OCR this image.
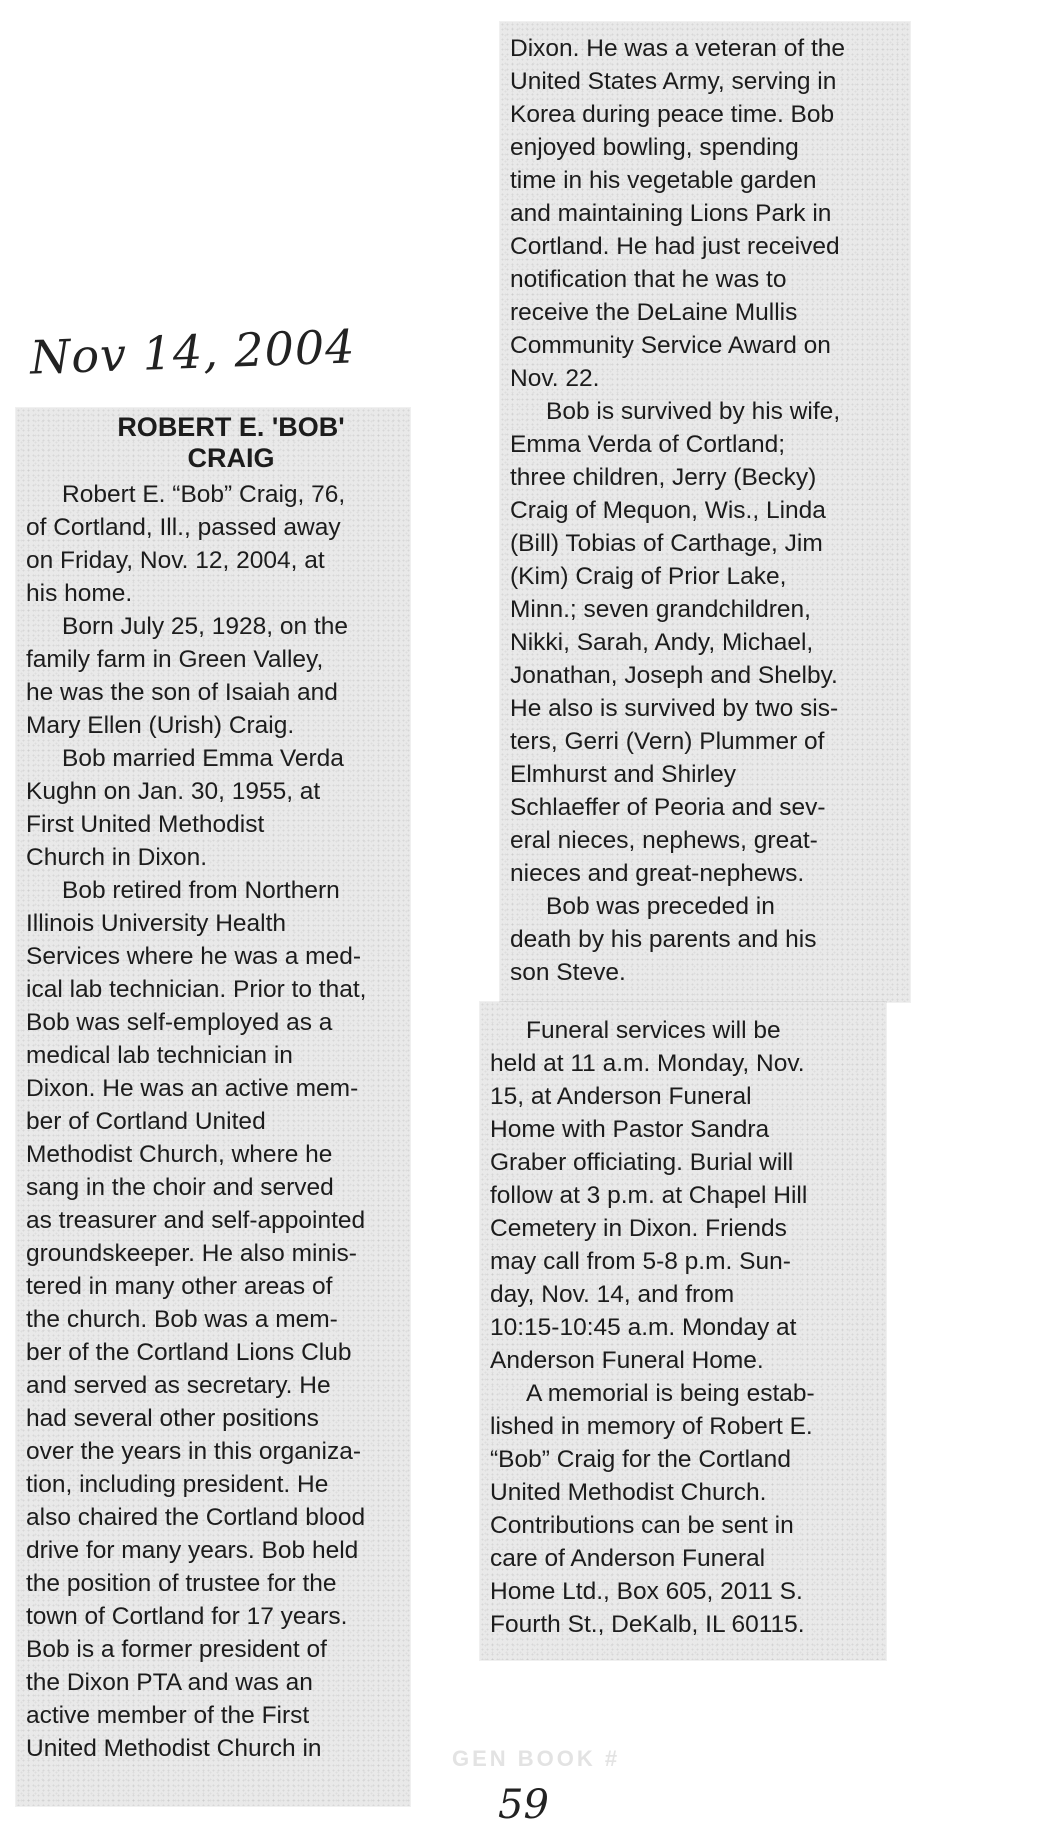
Nov 14, 2004
ROBERT E. 'BOB'
CRAIG

Robert E. “Bob” Craig, 76,
of Cortland, Ill., passed away
on Friday, Nov. 12, 2004, at
his home.

Born July 25, 1928, on the
family farm in Green Valley,
he was the son of Isaiah and
Mary Ellen (Urish) Craig.

Bob married Emma Verda
Kughn on Jan. 30, 1955, at
First United Methodist
Church in Dixon.

Bob retired from Northern
Illinois University Health
Services where he was a med-
ical lab technician. Prior to that,
Bob was self-employed as a
medical lab technician in
Dixon. He was an active mem-
ber of Cortland United
Methodist Church, where he
sang in the choir and served
as treasurer and self-appointed
groundskeeper. He also minis-
tered in many other areas of
the church. Bob was a mem-
ber of the Cortland Lions Club
and served as secretary. He
had several other positions
over the years in this organiza-
tion, including president. He
also chaired the Cortland blood
drive for many years. Bob held
the position of trustee for the
town of Cortland for 17 years.
Bob is a former president of
the Dixon PTA and was an
active member of the First
United Methodist Church in

Dixon. He was a veteran of the
United States Army, serving in
Korea during peace time. Bob
enjoyed bowling, spending
time in his vegetable garden
and maintaining Lions Park in
Cortland. He had just received
notification that he was to
receive the DeLaine Mullis
Community Service Award on
Nov. 22.

Bob is survived by his wife,
Emma Verda of Cortland;
three children, Jerry (Becky)
Craig of Mequon, Wis., Linda
(Bill) Tobias of Carthage, Jim
(Kim) Craig of Prior Lake,
Minn.; seven grandchildren,
Nikki, Sarah, Andy, Michael,
Jonathan, Joseph and Shelby.
He also is survived by two sis-
ters, Gerri (Vern) Plummer of
Elmhurst and Shirley
Schlaeffer of Peoria and sev-
eral nieces, nephews, great-
nieces and great-nephews.

Bob was preceded in
death by his parents and his
son Steve.

Funeral services will be
held at 11 a.m. Monday, Nov.
15, at Anderson Funeral
Home with Pastor Sandra
Graber officiating. Burial will
follow at 3 p.m. at Chapel Hill
Cemetery in Dixon. Friends
may call from 5-8 p.m. Sun-
day, Nov. 14, and from
10:15-10:45 a.m. Monday at
Anderson Funeral Home.

A memorial is being estab-
lished in memory of Robert E.
“Bob” Craig for the Cortland
United Methodist Church.
Contributions can be sent in
care of Anderson Funeral
Home Ltd., Box 605, 2011 S.
Fourth St., DeKalb, IL 60115.

GEN BOOK #
59
